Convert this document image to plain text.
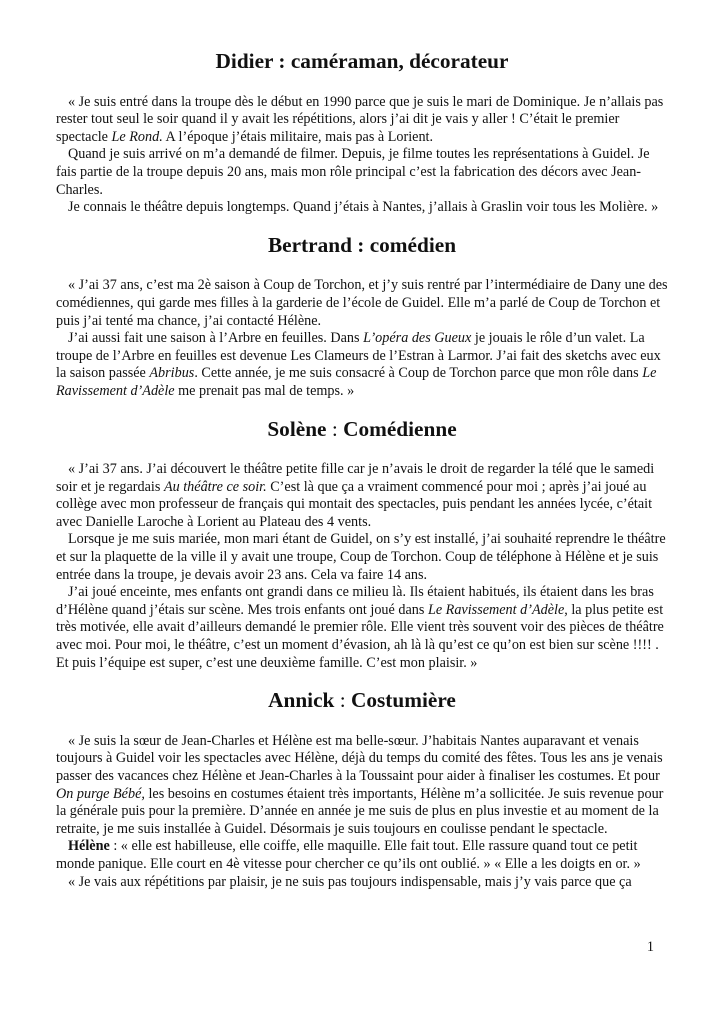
Didier : caméraman, décorateur

« Je suis entré dans la troupe dès le début en 1990 parce que je suis le mari de Dominique. Je n’allais pas rester tout seul le soir quand il y avait les répétitions, alors j’ai dit je vais y aller ! C’était le premier spectacle Le Rond. A l’époque j’étais militaire, mais pas à Lorient.

Quand je suis arrivé on m’a demandé de filmer. Depuis, je filme toutes les représentations à Guidel. Je fais partie de la troupe depuis 20 ans, mais mon rôle principal c’est la fabrication des décors avec Jean-Charles.

Je connais le théâtre depuis longtemps. Quand j’étais à Nantes, j’allais à Graslin voir tous les Molière. »

Bertrand : comédien

« J’ai 37 ans, c’est ma 2è saison à Coup de Torchon, et j’y suis rentré par l’intermédiaire de Dany une des comédiennes, qui garde mes filles à la garderie de l’école de Guidel. Elle m’a parlé de Coup de Torchon et puis j’ai tenté ma chance, j’ai contacté Hélène.

J’ai aussi fait une saison à l’Arbre en feuilles. Dans L’opéra des Gueux je jouais le rôle d’un valet. La troupe de l’Arbre en feuilles est devenue Les Clameurs de l’Estran à Larmor. J’ai fait des sketchs avec eux la saison passée Abribus. Cette année, je me suis consacré à Coup de Torchon parce que mon rôle dans Le Ravissement d’Adèle me prenait pas mal de temps. »

Solène : Comédienne

« J’ai 37 ans. J’ai découvert le théâtre petite fille car je n’avais le droit de regarder la télé que le samedi soir et je regardais Au théâtre ce soir. C’est là que ça a vraiment commencé pour moi ; après j’ai joué au collège avec mon professeur de français qui montait des spectacles, puis pendant les années lycée, c’était avec Danielle Laroche à Lorient au Plateau des 4 vents.

Lorsque je me suis mariée, mon mari étant de Guidel, on s’y est installé, j’ai souhaité reprendre le théâtre et sur la plaquette de la ville il y avait une troupe, Coup de Torchon. Coup de téléphone à Hélène et je suis entrée dans la troupe, je devais avoir 23 ans. Cela va faire 14 ans.

J’ai joué enceinte, mes enfants ont grandi dans ce milieu là. Ils étaient habitués, ils étaient dans les bras d’Hélène quand j’étais sur scène. Mes trois enfants ont joué dans Le Ravissement d’Adèle, la plus petite est très motivée, elle avait d’ailleurs demandé le premier rôle. Elle vient très souvent voir des pièces de théâtre avec moi. Pour moi, le théâtre, c’est un moment d’évasion, ah là là qu’est ce qu’on est bien sur scène !!!! . Et puis l’équipe est super, c’est une deuxième famille. C’est mon plaisir. »

Annick : Costumière

« Je suis la sœur de Jean-Charles et Hélène est ma belle-sœur. J’habitais Nantes auparavant et venais toujours à Guidel voir les spectacles avec Hélène, déjà du temps du comité des fêtes. Tous les ans je venais passer des vacances chez Hélène et Jean-Charles à la Toussaint pour aider à finaliser les costumes. Et pour On purge Bébé, les besoins en costumes étaient très importants, Hélène m’a sollicitée. Je suis revenue pour la générale puis pour la première. D’année en année je me suis de plus en plus investie et au moment de la retraite, je me suis installée à Guidel. Désormais je suis toujours en coulisse pendant le spectacle.

Hélène : « elle est habilleuse, elle coiffe, elle maquille. Elle fait tout. Elle rassure quand tout ce petit monde panique. Elle court en 4è vitesse pour chercher ce qu’ils ont oublié. » « Elle a les doigts en or. »

« Je vais aux répétitions par plaisir, je ne suis pas toujours indispensable, mais j’y vais parce que ça

1
